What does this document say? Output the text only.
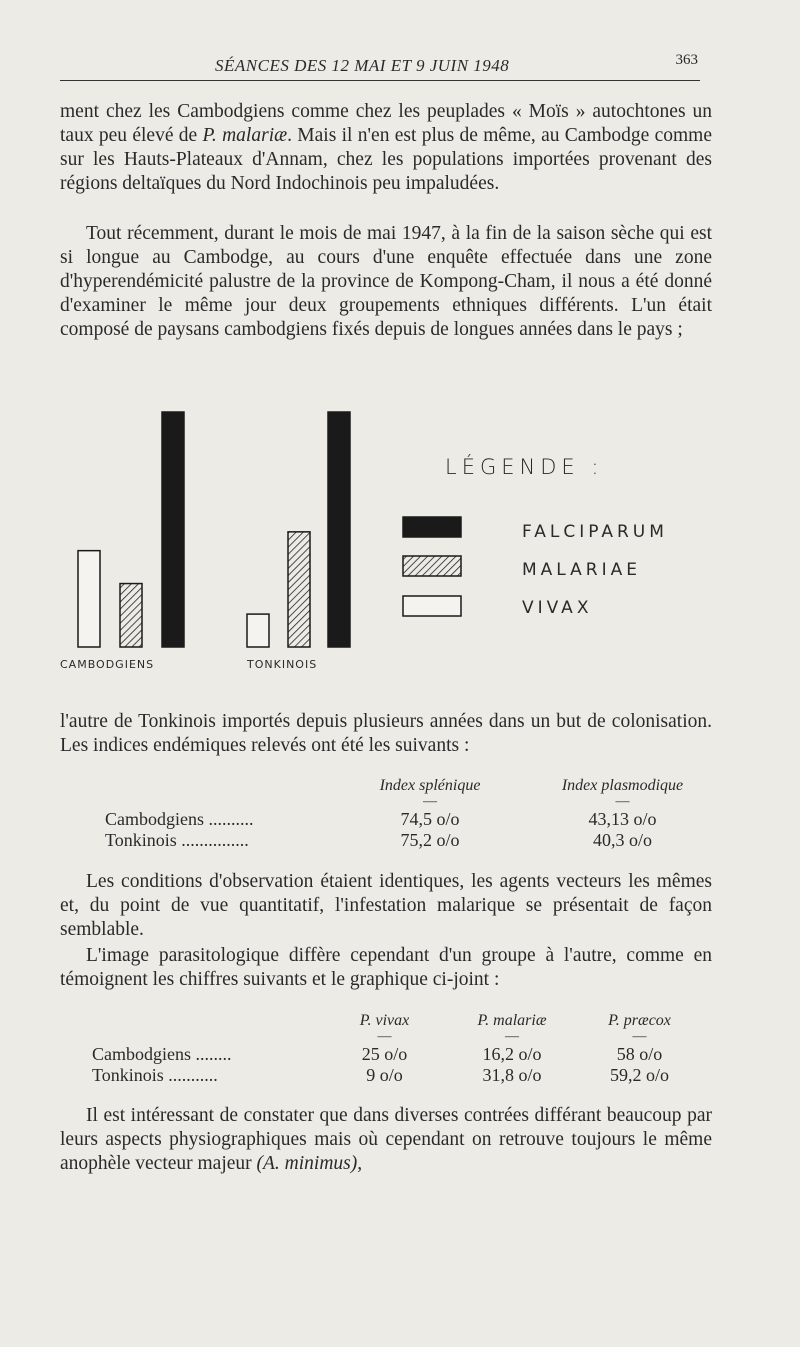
SÉANCES DES 12 MAI ET 9 JUIN 1948	363

ment chez les Cambodgiens comme chez les peuplades « Moïs » autochtones un taux peu élevé de P. malariæ. Mais il n'en est plus de même, au Cambodge comme sur les Hauts-Plateaux d'Annam, chez les populations importées provenant des régions deltaïques du Nord Indochinois peu impaludées.

Tout récemment, durant le mois de mai 1947, à la fin de la saison sèche qui est si longue au Cambodge, au cours d'une enquête effectuée dans une zone d'hyperendémicité palustre de la province de Kompong-Cham, il nous a été donné d'examiner le même jour deux groupements ethniques différents. L'un était composé de paysans cambodgiens fixés depuis de longues années dans le pays ;

CAMBODGIENS	TONKINOIS
LÉGENDE :
FALCIPARUM
MALARIAE
VIVAX

l'autre de Tonkinois importés depuis plusieurs années dans un but de colonisation. Les indices endémiques relevés ont été les suivants :

	Index splénique	Index plasmodique
	—	—
Cambodgiens ..........	74,5 o/o	43,13 o/o
Tonkinois ...............	75,2 o/o	40,3 o/o

Les conditions d'observation étaient identiques, les agents vecteurs les mêmes et, du point de vue quantitatif, l'infestation malarique se présentait de façon semblable.

L'image parasitologique diffère cependant d'un groupe à l'autre, comme en témoignent les chiffres suivants et le graphique ci-joint :

	P. vivax	P. malariæ	P. præcox
	—	—	—
Cambodgiens ........	25 o/o	16,2 o/o	58 o/o
Tonkinois ...........	9 o/o	31,8 o/o	59,2 o/o

Il est intéressant de constater que dans diverses contrées différant beaucoup par leurs aspects physiographiques mais où cependant on retrouve toujours le même anophèle vecteur majeur (A. minimus),
